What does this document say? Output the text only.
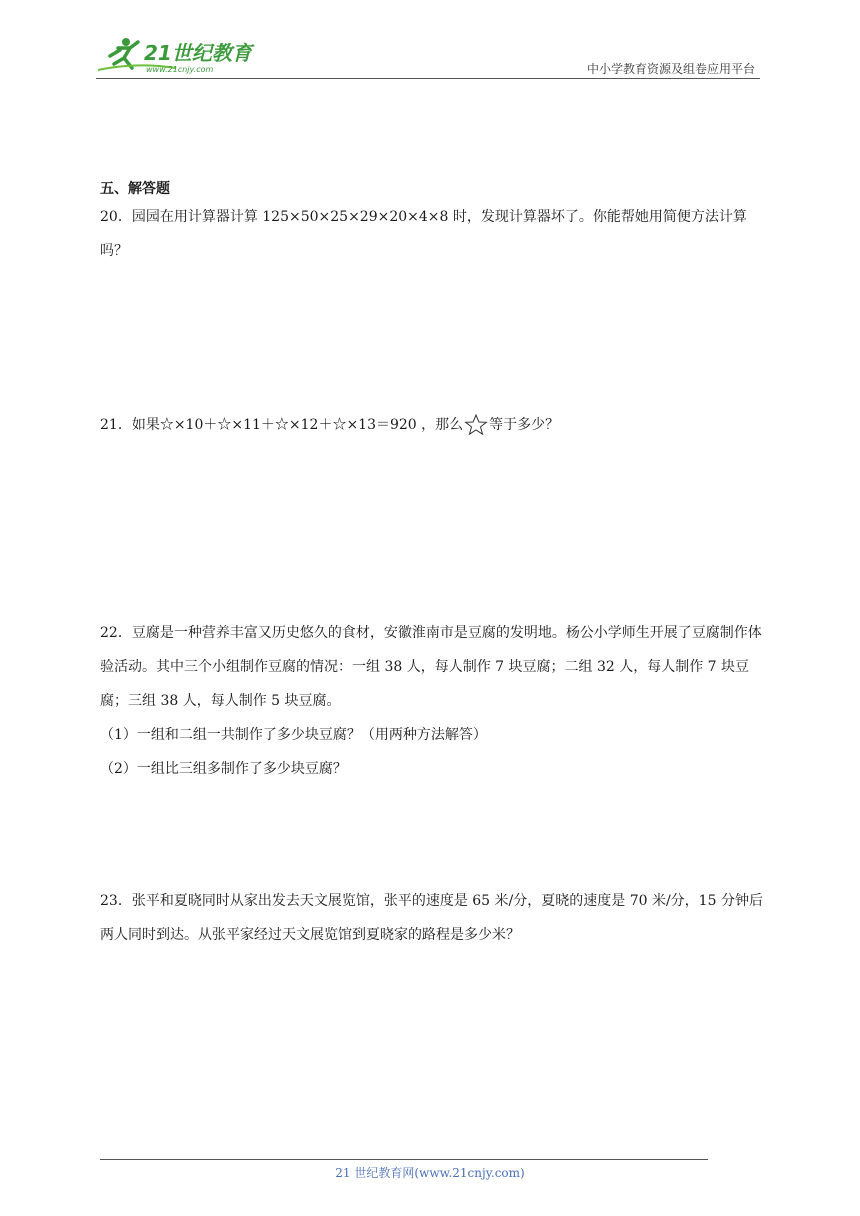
21世纪教育
www.21cnjy.com	中小学教育资源及组卷应用平台
五、解答题
20．园园在用计算器计算 125×50×25×29×20×4×8 时，发现计算器坏了。你能帮她用简便方法计算吗？
21．如果☆×10＋☆×11＋☆×12＋☆×13＝920 ，那么 等于多少？
22．豆腐是一种营养丰富又历史悠久的食材，安徽淮南市是豆腐的发明地。杨公小学师生开展了豆腐制作体验活动。其中三个小组制作豆腐的情况：一组 38 人，每人制作 7 块豆腐；二组 32 人，每人制作 7 块豆腐；三组 38 人，每人制作 5 块豆腐。
（1）一组和二组一共制作了多少块豆腐？（用两种方法解答）
（2）一组比三组多制作了多少块豆腐？
23．张平和夏晓同时从家出发去天文展览馆，张平的速度是 65 米/分，夏晓的速度是 70 米/分，15 分钟后两人同时到达。从张平家经过天文展览馆到夏晓家的路程是多少米？
21 世纪教育网(www.21cnjy.com)
